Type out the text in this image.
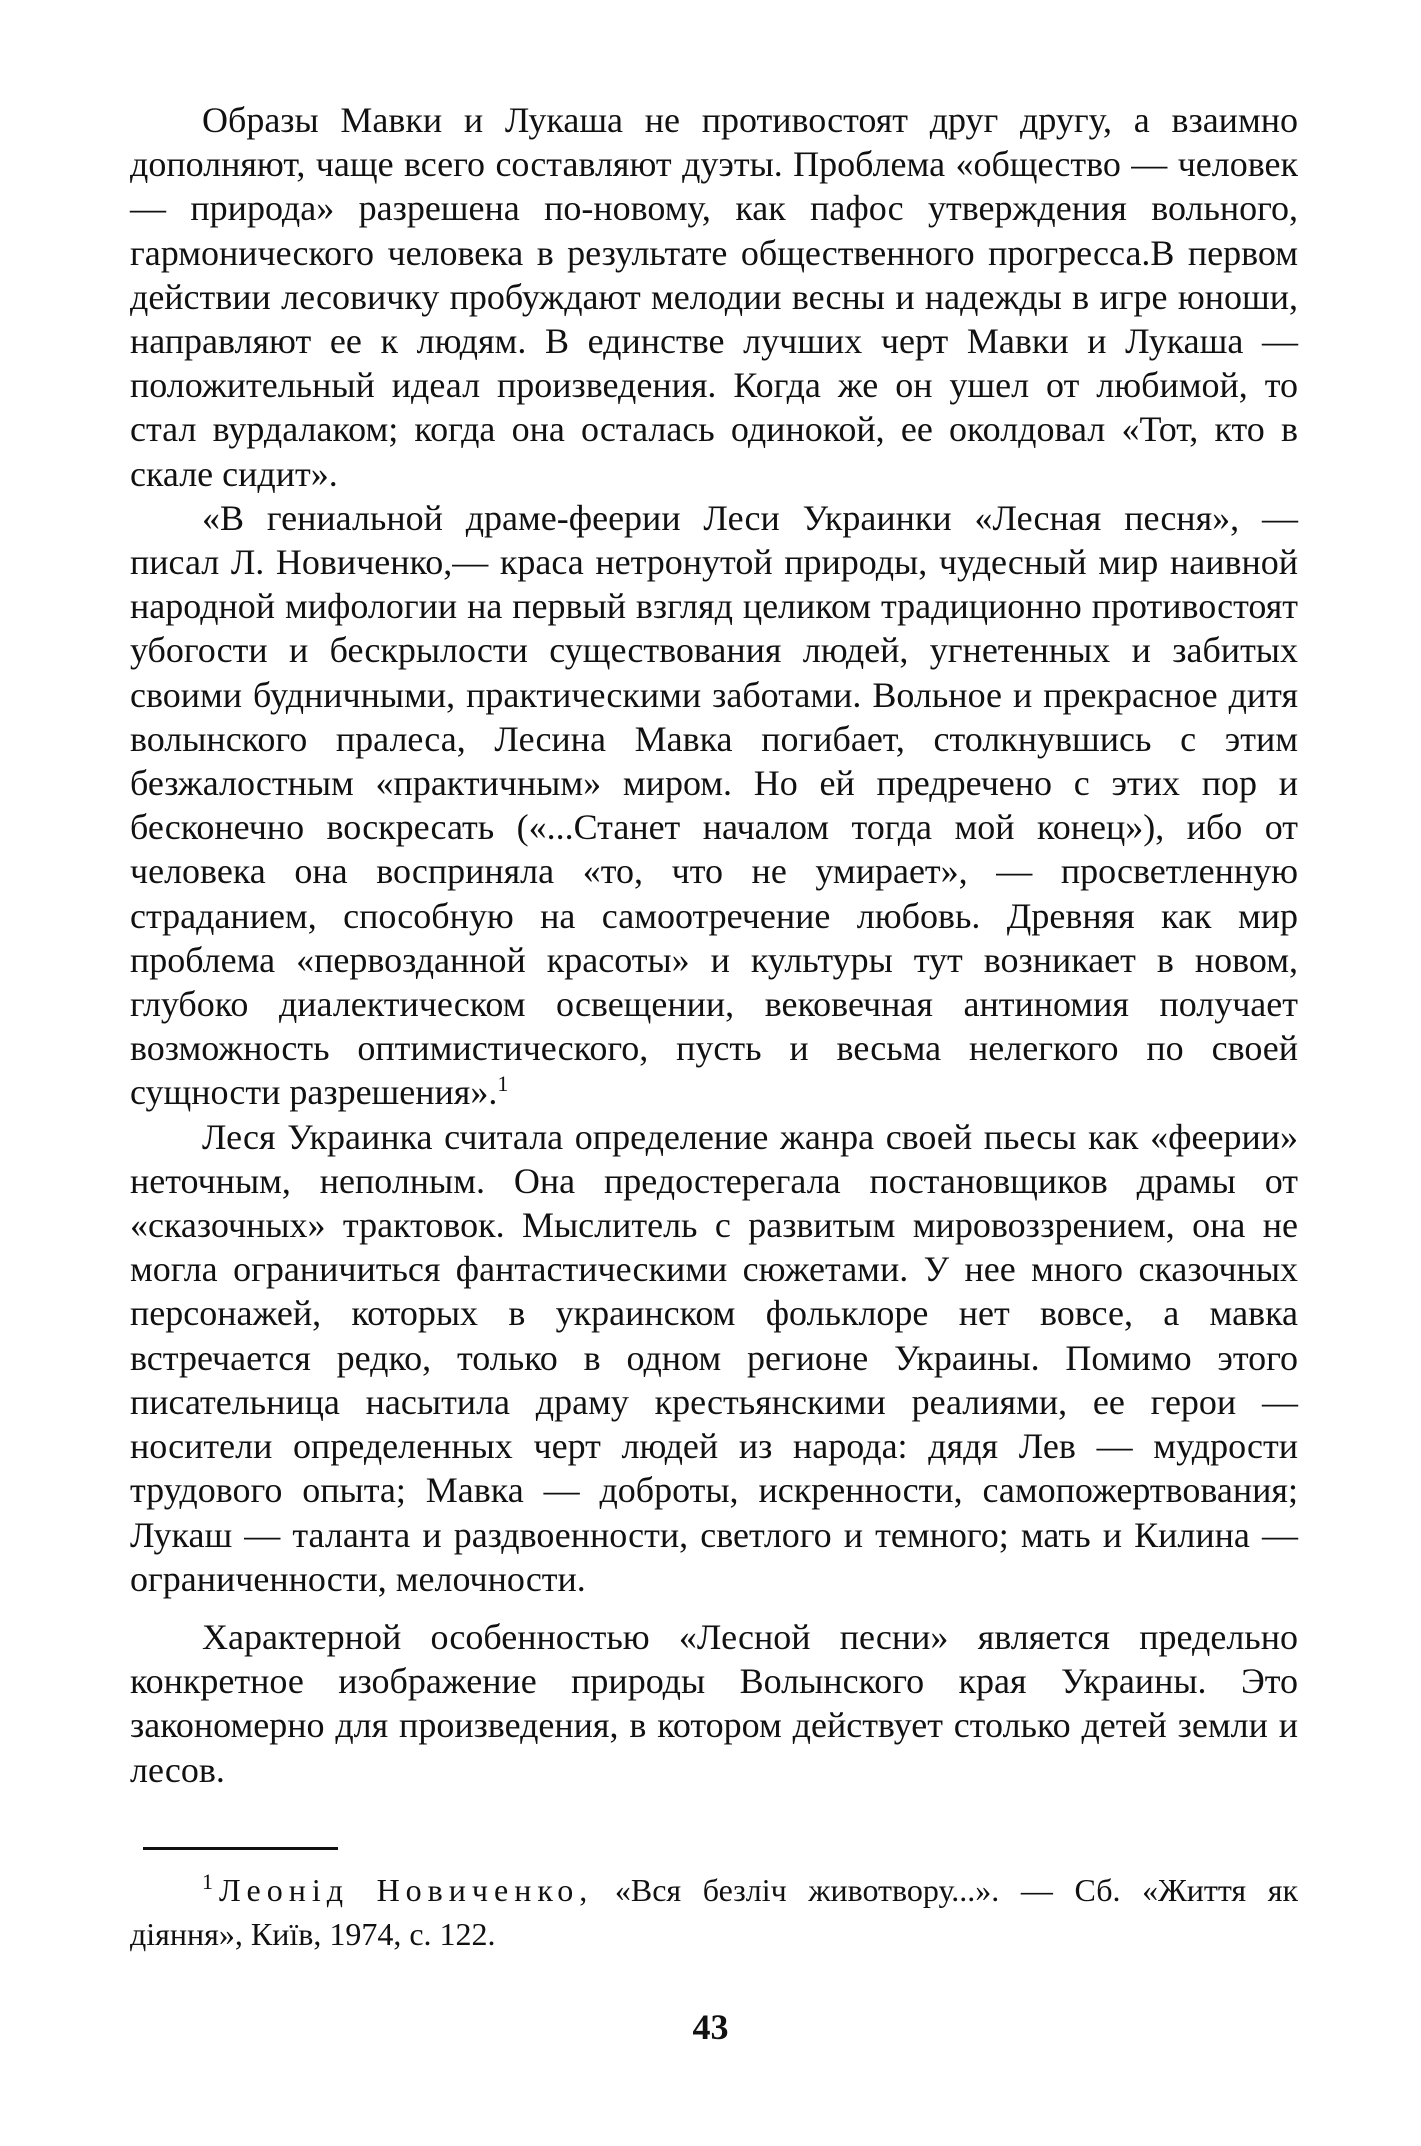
Образы Мавки и Лукаша не противостоят друг другу, а взаимно дополняют, чаще всего составляют дуэты. Проблема «общество — человек — природа» разрешена по-новому, как пафос утверждения вольного, гармонического человека в результате общественного прогресса.В первом действии лесовичку пробуждают мелодии весны и надежды в игре юноши, направляют ее к людям. В единстве лучших черт Мавки и Лукаша — положительный идеал произведения. Когда же он ушел от любимой, то стал вурдалаком; когда она осталась одинокой, ее околдовал «Тот, кто в скале сидит».

«В гениальной драме-феерии Леси Украинки «Лесная песня», — писал Л. Новиченко,— краса нетронутой природы, чудесный мир наивной народной мифологии на первый взгляд целиком традиционно противостоят убогости и бескрылости существования людей, угнетенных и забитых своими будничными, практическими заботами. Вольное и прекрасное дитя волынского пралеса, Лесина Мавка погибает, столкнувшись с этим безжалостным «практичным» миром. Но ей предречено с этих пор и бесконечно воскресать («...Станет началом тогда мой конец»), ибо от человека она восприняла «то, что не умирает», — просветленную страданием, способную на самоотречение любовь. Древняя как мир проблема «первозданной красоты» и культуры тут возникает в новом, глубоко диалектическом освещении, вековечная антиномия получает возможность оптимистического, пусть и весьма нелегкого по своей сущности разрешения».$^1$

Леся Украинка считала определение жанра своей пьесы как «феерии» неточным, неполным. Она предостерегала постановщиков драмы от «сказочных» трактовок. Мыслитель с развитым мировоззрением, она не могла ограничиться фантастическими сюжетами. У нее много сказочных персонажей, которых в украинском фольклоре нет вовсе, а мавка встречается редко, только в одном регионе Украины. Помимо этого писательница насытила драму крестьянскими реалиями, ее герои — носители определенных черт людей из народа: дядя Лев — мудрости трудового опыта; Мавка — доброты, искренности, самопожертвования; Лукаш — таланта и раздвоенности, светлого и темного; мать и Килина — ограниченности, мелочности.

Характерной особенностью «Лесной песни» является предельно конкретное изображение природы Волынского края Украины. Это закономерно для произведения, в котором действует столько детей земли и лесов.

$^1$ Леонід Новиченко, «Вся безліч животвору...». — Сб. «Життя як діяння», Київ, 1974, с. 122.

43
